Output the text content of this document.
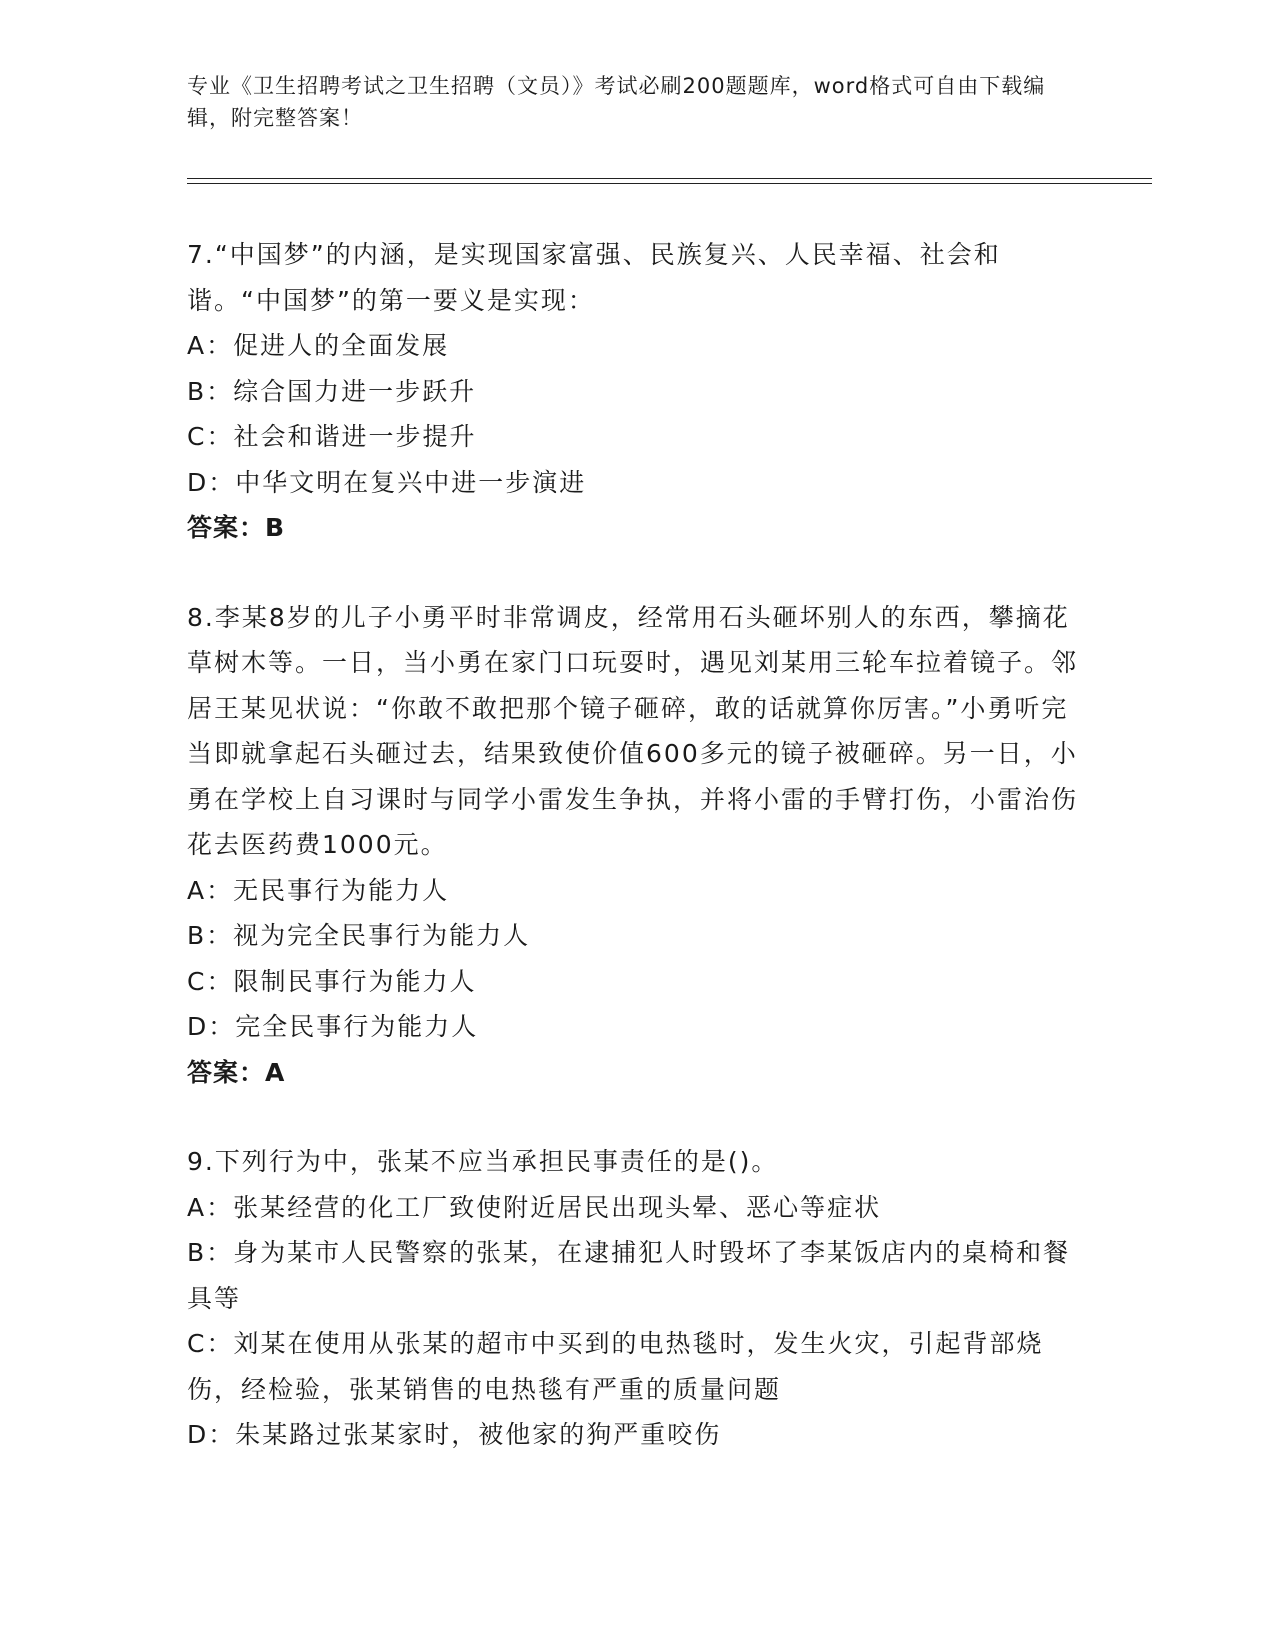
专业《卫生招聘考试之卫生招聘（文员）》考试必刷200题题库，word格式可自由下载编辑，附完整答案！

7.“中国梦”的内涵，是实现国家富强、民族复兴、人民幸福、社会和谐。“中国梦”的第一要义是实现：

A：促进人的全面发展

B：综合国力进一步跃升

C：社会和谐进一步提升

D：中华文明在复兴中进一步演进

答案：B

8.李某8岁的儿子小勇平时非常调皮，经常用石头砸坏别人的东西，攀摘花草树木等。一日，当小勇在家门口玩耍时，遇见刘某用三轮车拉着镜子。邻居王某见状说：“你敢不敢把那个镜子砸碎，敢的话就算你厉害。”小勇听完当即就拿起石头砸过去，结果致使价值600多元的镜子被砸碎。另一日，小勇在学校上自习课时与同学小雷发生争执，并将小雷的手臂打伤，小雷治伤花去医药费1000元。

A：无民事行为能力人

B：视为完全民事行为能力人

C：限制民事行为能力人

D：完全民事行为能力人

答案：A

9.下列行为中，张某不应当承担民事责任的是()。

A：张某经营的化工厂致使附近居民出现头晕、恶心等症状

B：身为某市人民警察的张某，在逮捕犯人时毁坏了李某饭店内的桌椅和餐具等

C：刘某在使用从张某的超市中买到的电热毯时，发生火灾，引起背部烧伤，经检验，张某销售的电热毯有严重的质量问题

D：朱某路过张某家时，被他家的狗严重咬伤
